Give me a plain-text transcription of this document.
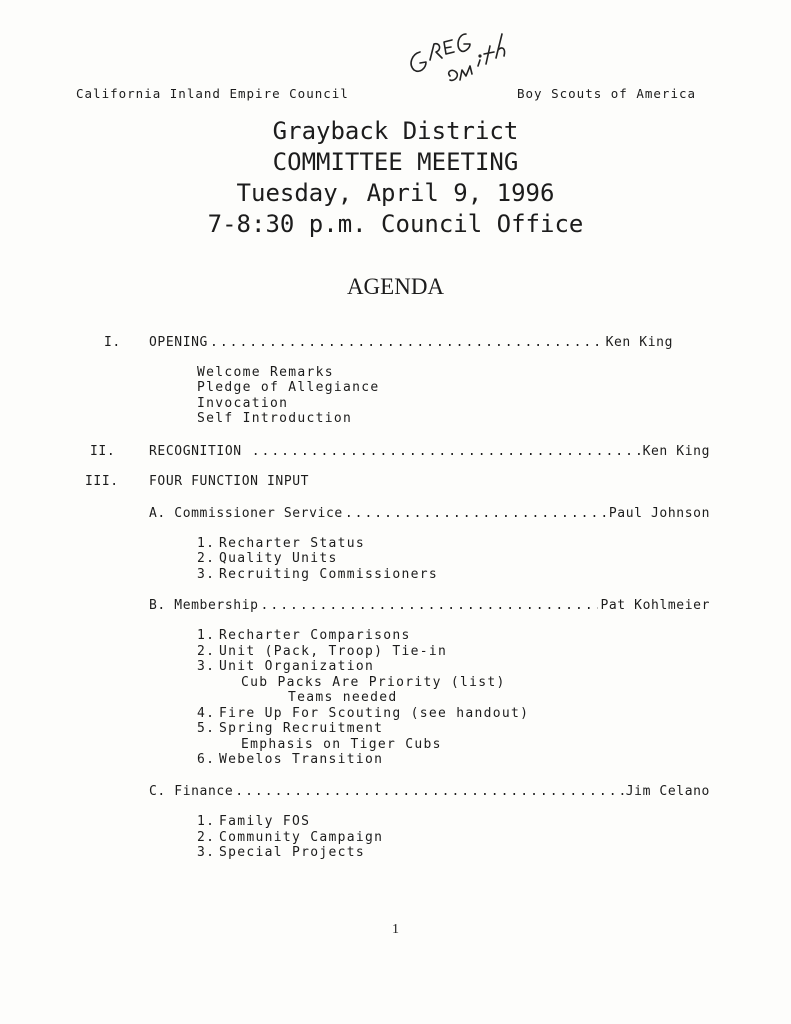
California Inland Empire Council	Boy Scouts of America
Grayback District
COMMITTEE MEETING
Tuesday, April 9, 1996
7-8:30 p.m. Council Office
AGENDA
I. OPENING .....	Ken King
Welcome Remarks
Pledge of Allegiance
Invocation
Self Introduction
II.	RECOGNITION .....	Ken King
III. FOUR FUNCTION INPUT
A. Commissioner Service .....	Paul Johnson
1. Recharter Status
2. Quality Units
3. Recruiting Commissioners
B. Membership .....	Pat Kohlmeier
1. Recharter Comparisons
2. Unit (Pack, Troop) Tie-in
3. Unit Organization
Cub Packs Are Priority (list)
Teams needed
4. Fire Up For Scouting (see handout)
5. Spring Recruitment
Emphasis on Tiger Cubs
6. Webelos Transition
C. Finance .....	Jim Celano
1. Family FOS
2. Community Campaign
3. Special Projects
1
